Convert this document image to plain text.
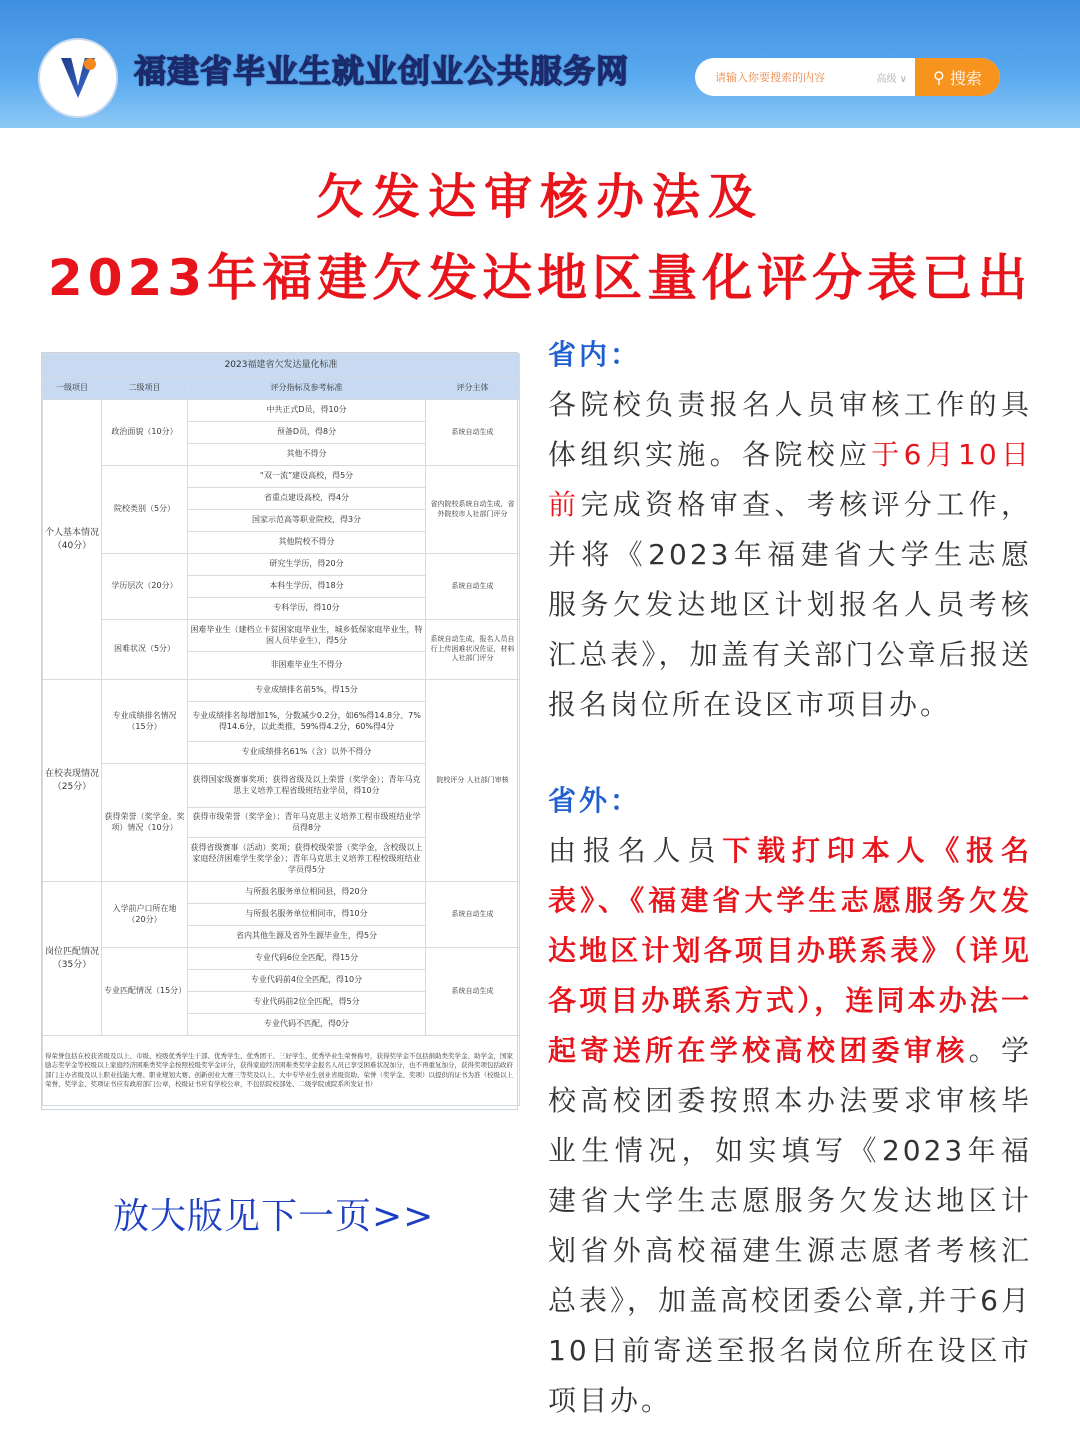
福建省毕业生就业创业公共服务网
请输入你要搜索的内容	高级 ∨ ⚲ 搜索
欠发达审核办法及
2023年福建欠发达地区量化评分表已出
2023福建省欠发达量化标准			
一级项目	二级项目	评分指标及参考标准	评分主体
个人基本情况（40分）	政治面貌（10分）	中共正式D员，得10分	系统自动生成
		预备D员，得8分	
		其他不得分	
	院校类别（5分）	“双一流”建设高校，得5分	省内院校系统自动生成，省外院校市人社部门评分
		省重点建设高校，得4分	
		国家示范高等职业院校，得3分	
		其他院校不得分	
	学历层次（20分）	研究生学历，得20分	系统自动生成
		本科生学历，得18分	
		专科学历，得10分	
	困难状况（5分）	困难毕业生（建档立卡贫困家庭毕业生，城乡低保家庭毕业生，特困人员毕业生），得5分	系统自动生成，报名人员自行上传困难状况佐证，材料人社部门评分
		非困难毕业生不得分	
在校表现情况（25分）	专业成绩排名情况（15分）	专业成绩排名前5%，得15分	院校评分 人社部门审核
		专业成绩排名每增加1%，分数减少0.2分，如6%得14.8分、7%得14.6分，以此类推，59%得4.2分，60%得4分	
		专业成绩排名61%（含）以外不得分	
	获得荣誉（奖学金、奖项）情况（10分）	获得国家级赛事奖项；获得省级及以上荣誉（奖学金）；青年马克思主义培养工程省级班结业学员，得10分	
		获得市级荣誉（奖学金）；青年马克思主义培养工程市级班结业学员得8分	
		获得省级赛事（活动）奖项；获得校级荣誉（奖学金，含校级以上家庭经济困难学生奖学金）；青年马克思主义培养工程校级班结业学员得5分	
岗位匹配情况（35分）	入学前户口所在地（20分）	与所报名服务单位相同县，得20分	系统自动生成
		与所报名服务单位相同市，得10分	
		省内其他生源及省外生源毕业生，得5分	
	专业匹配情况（15分）	专业代码6位全匹配，得15分	系统自动生成
		专业代码前4位全匹配，得10分	
		专业代码前2位全匹配，得5分	
		专业代码不匹配，得0分	
得荣誉包括在校获省级及以上、市级、校级优秀学生干部、优秀学生、优秀团干、三好学生、优秀毕业生荣誉称号，获得奖学金不包括捐助类奖学金、助学金，国家励志奖学金等校级以上家庭经济困难类奖学金按照校级奖学金评分，获得家庭经济困难类奖学金报名人员已享受困难状况加分，也不再重复加分，获得奖项包括政府部门主办省级及以上职业技能大赛、职业规划大赛、创新创业大赛三等奖及以上、大中专毕业生创业省级资助、荣誉（奖学金、奖项）以提供的证书为准（校级以上荣誉、奖学金、奖项证书应有政府部门公章，校级证书应有学校公章，不包括院校部处、二级学院或院系所发证书）			
放大版见下一页>>
省内：
各院校负责报名人员审核工作的具体组织实施。各院校应于6月10日前完成资格审查、考核评分工作，并将《2023年福建省大学生志愿服务欠发达地区计划报名人员考核汇总表》，加盖有关部门公章后报送报名岗位所在设区市项目办。
省外：
由报名人员下载打印本人《报名表》、《福建省大学生志愿服务欠发达地区计划各项目办联系表》（详见各项目办联系方式），连同本办法一起寄送所在学校高校团委审核。学校高校团委按照本办法要求审核毕业生情况，如实填写《2023年福建省大学生志愿服务欠发达地区计划省外高校福建生源志愿者考核汇总表》，加盖高校团委公章,并于6月10日前寄送至报名岗位所在设区市项目办。
